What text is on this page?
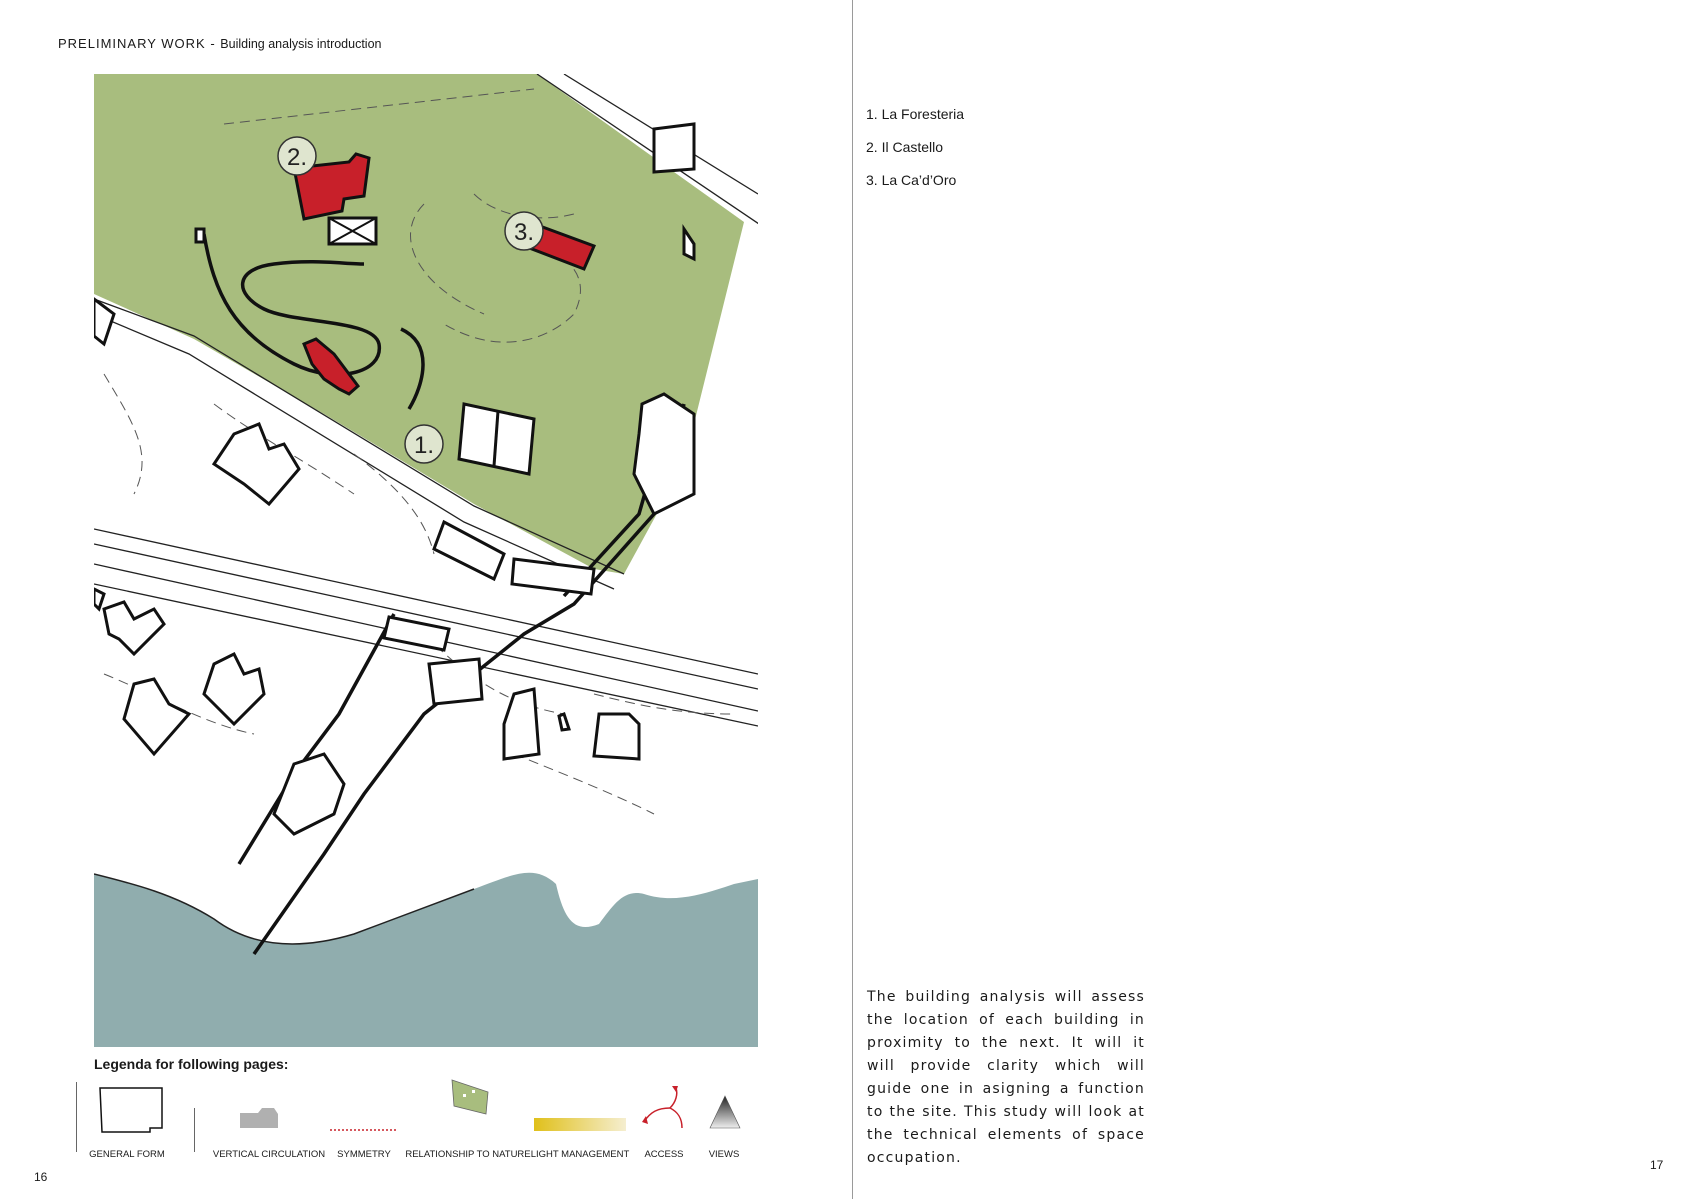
PRELIMINARY WORK - Building analysis introduction
2.
3.
1.
Legenda for following pages:
GENERAL FORM	VERTICAL CIRCULATION	SYMMETRY	RELATIONSHIP TO NATURE LIGHT MANAGEMENT	ACCESS	VIEWS
16
1. La Foresteria
2. Il Castello
3. La Ca’d’Oro
The building analysis will assess the location of each building in proximity to the next. It will it will provide clarity which will guide one in asigning a function to the site. This study will look at the technical elements of space occupation.	17
